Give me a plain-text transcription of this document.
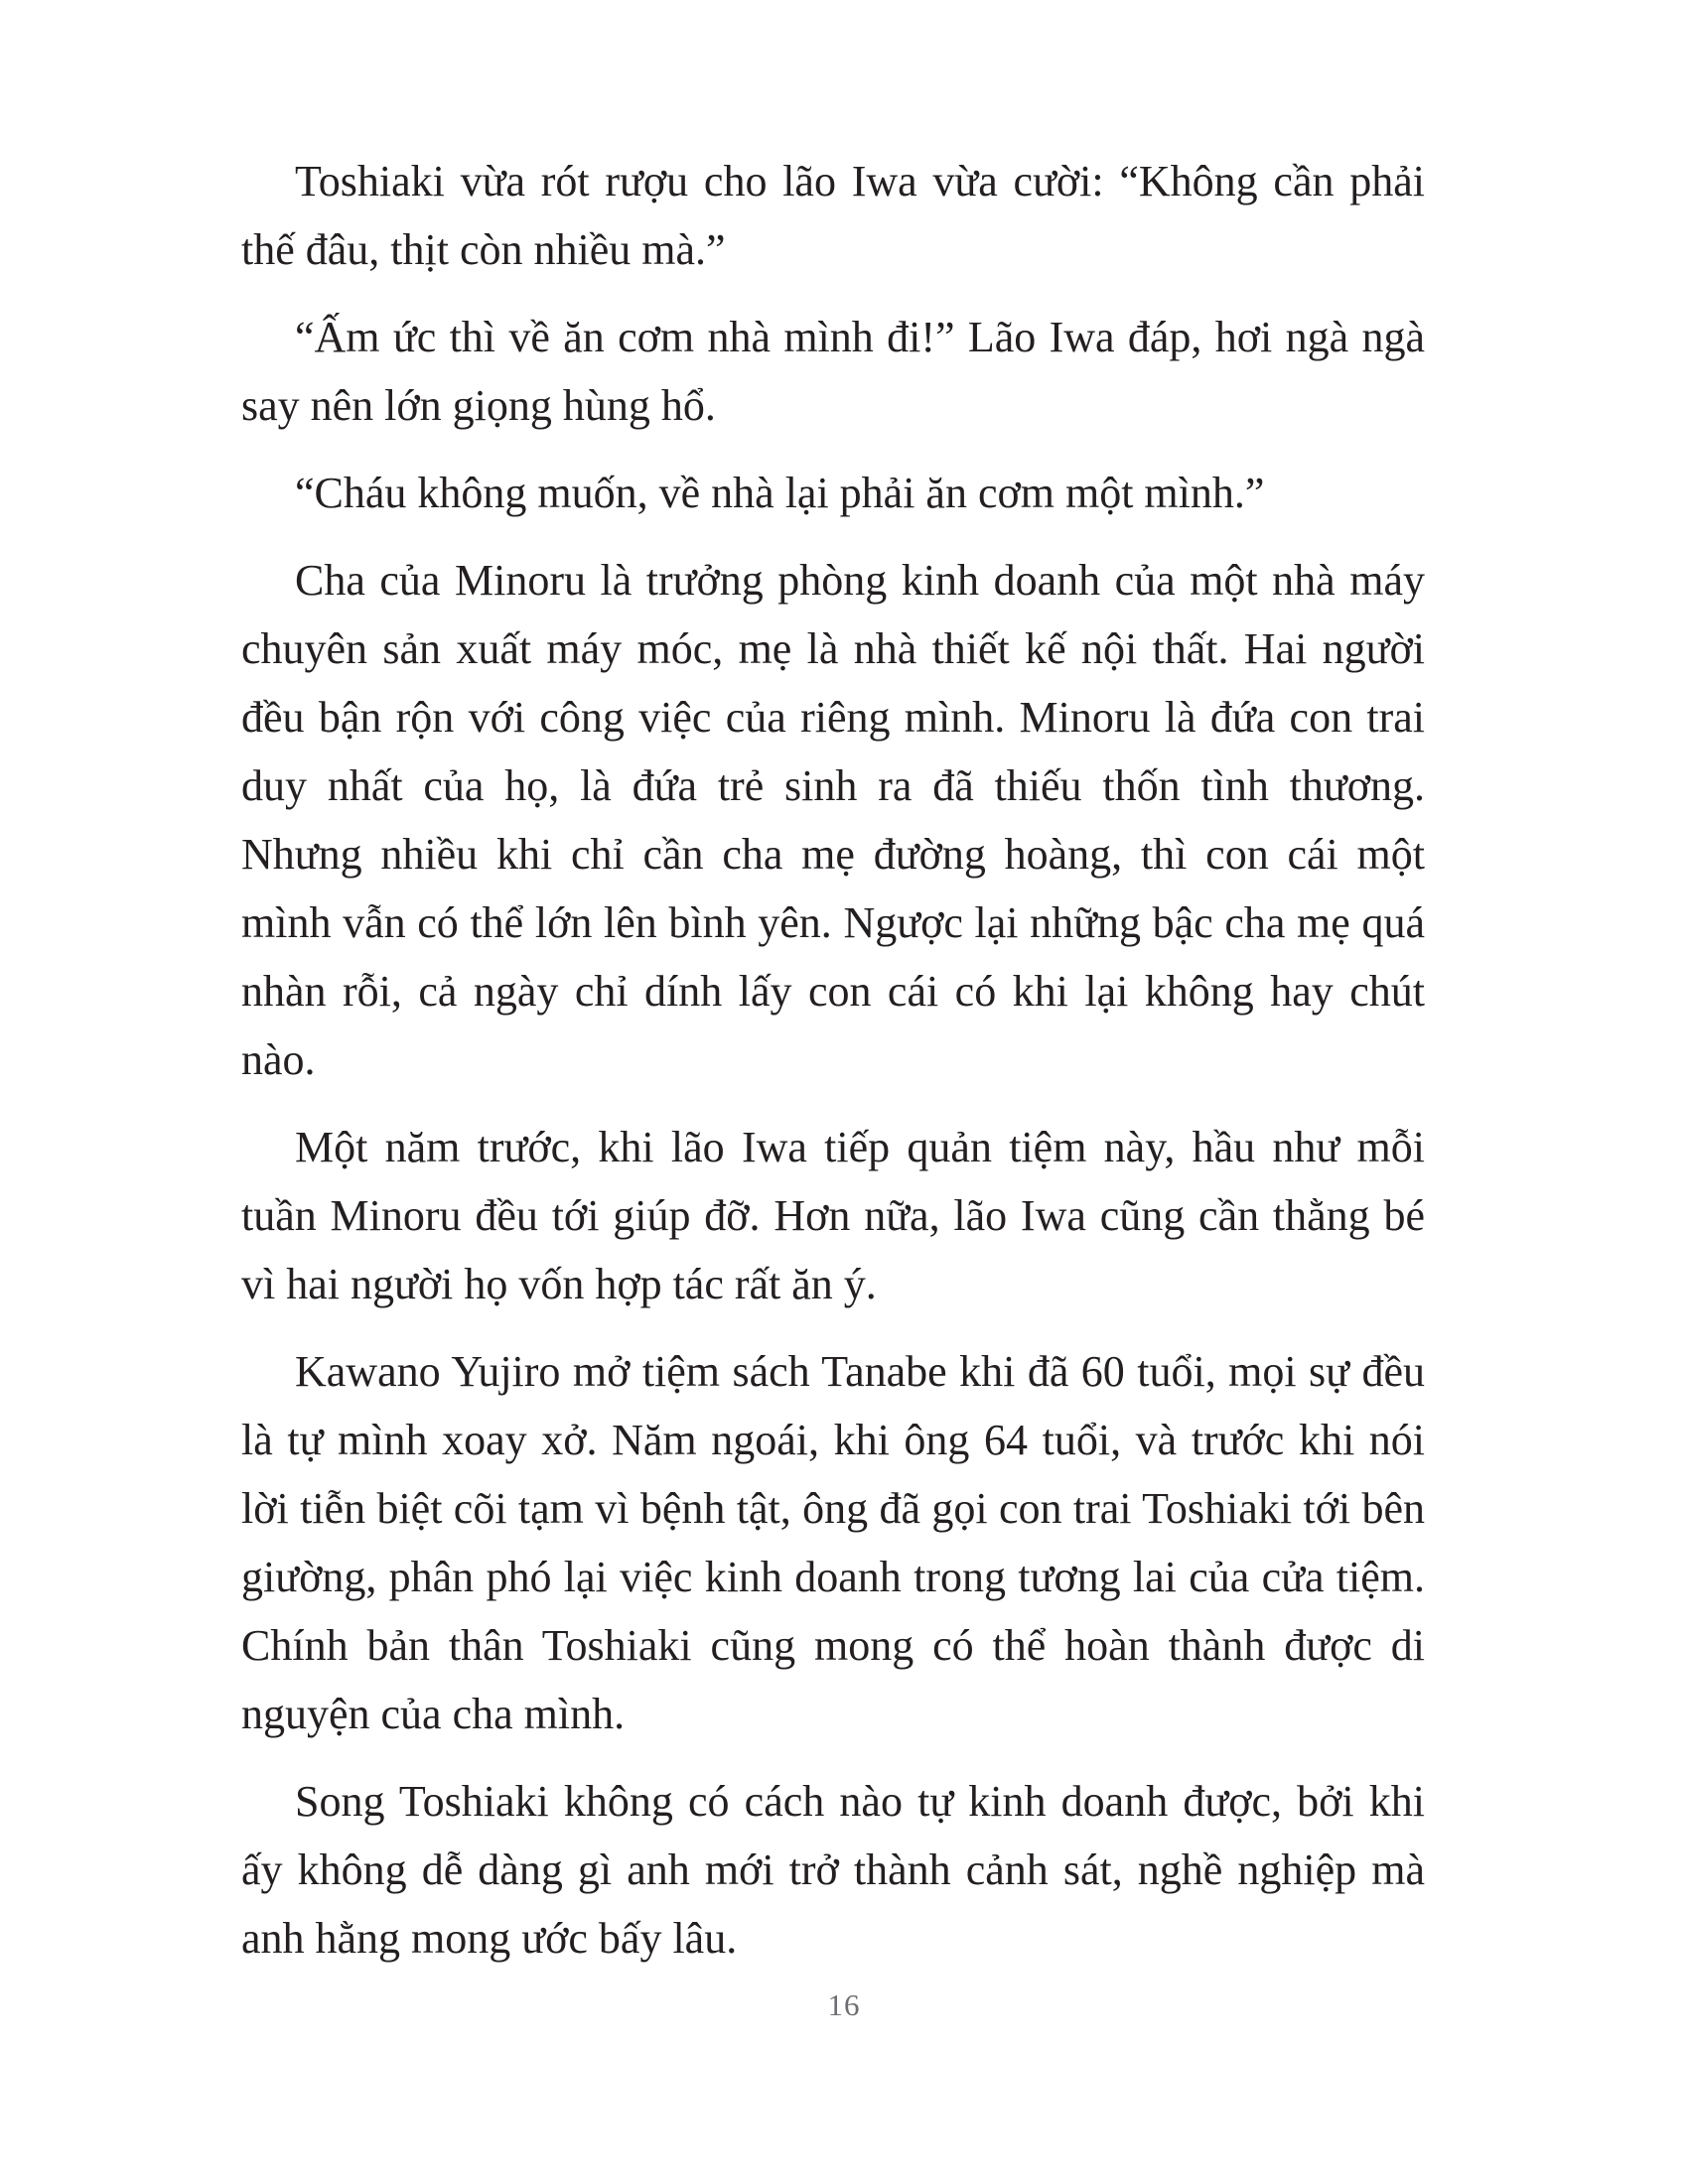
Toshiaki vừa rót rượu cho lão Iwa vừa cười: “Không cần phải thế đâu, thịt còn nhiều mà.”

“Ấm ức thì về ăn cơm nhà mình đi!” Lão Iwa đáp, hơi ngà ngà say nên lớn giọng hùng hổ.

“Cháu không muốn, về nhà lại phải ăn cơm một mình.”

Cha của Minoru là trưởng phòng kinh doanh của một nhà máy chuyên sản xuất máy móc, mẹ là nhà thiết kế nội thất. Hai người đều bận rộn với công việc của riêng mình. Minoru là đứa con trai duy nhất của họ, là đứa trẻ sinh ra đã thiếu thốn tình thương. Nhưng nhiều khi chỉ cần cha mẹ đường hoàng, thì con cái một mình vẫn có thể lớn lên bình yên. Ngược lại những bậc cha mẹ quá nhàn rỗi, cả ngày chỉ dính lấy con cái có khi lại không hay chút nào.

Một năm trước, khi lão Iwa tiếp quản tiệm này, hầu như mỗi tuần Minoru đều tới giúp đỡ. Hơn nữa, lão Iwa cũng cần thằng bé vì hai người họ vốn hợp tác rất ăn ý.

Kawano Yujiro mở tiệm sách Tanabe khi đã 60 tuổi, mọi sự đều là tự mình xoay xở. Năm ngoái, khi ông 64 tuổi, và trước khi nói lời tiễn biệt cõi tạm vì bệnh tật, ông đã gọi con trai Toshiaki tới bên giường, phân phó lại việc kinh doanh trong tương lai của cửa tiệm. Chính bản thân Toshiaki cũng mong có thể hoàn thành được di nguyện của cha mình.

Song Toshiaki không có cách nào tự kinh doanh được, bởi khi ấy không dễ dàng gì anh mới trở thành cảnh sát, nghề nghiệp mà anh hằng mong ước bấy lâu.

16
